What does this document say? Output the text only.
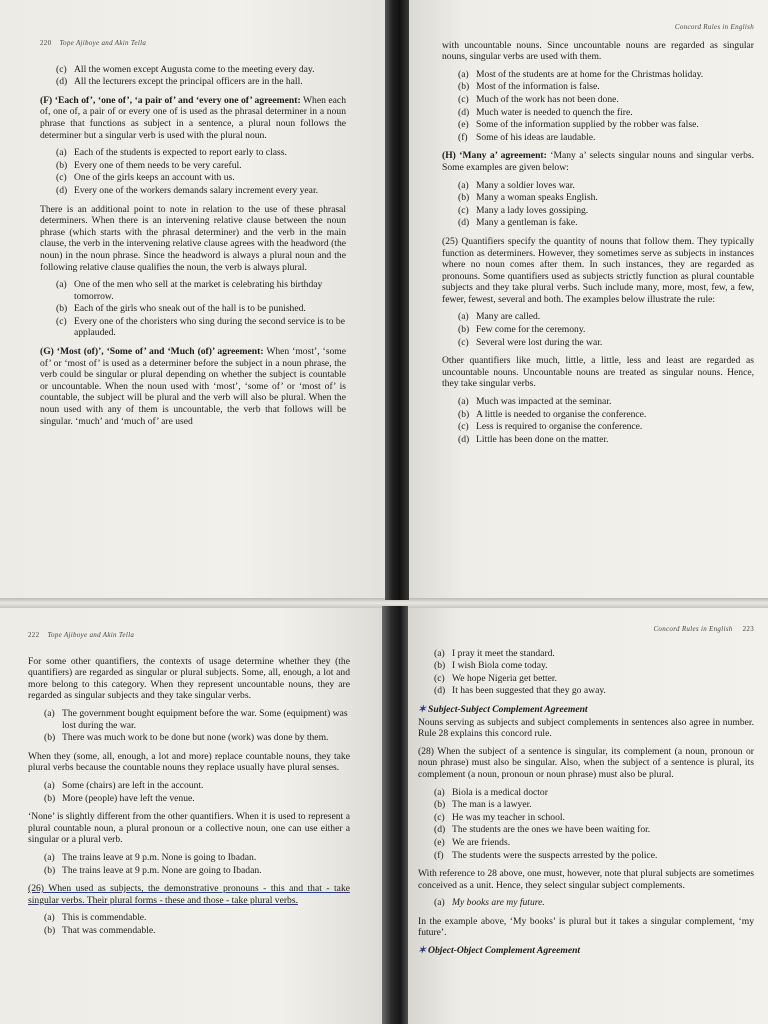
220 Tope Ajiboye and Akin Tella
(c) All the women except Augusta come to the meeting every day.
(d) All the lecturers except the principal officers are in the hall.

(F) ‘Each of’, ‘one of’, ‘a pair of’ and ‘every one of’ agreement: When each of, one of, a pair of or every one of is used as the phrasal determiner in a noun phrase that functions as subject in a sentence, a plural noun follows the determiner but a singular verb is used with the plural noun.

(a) Each of the students is expected to report early to class.
(b) Every one of them needs to be very careful.
(c) One of the girls keeps an account with us.
(d) Every one of the workers demands salary increment every year.

There is an additional point to note in relation to the use of these phrasal determiners. When there is an intervening relative clause between the noun phrase (which starts with the phrasal determiner) and the verb in the main clause, the verb in the intervening relative clause agrees with the headword (the noun) in the noun phrase. Since the headword is always a plural noun and the following relative clause qualifies the noun, the verb is always plural.

(a) One of the men who sell at the market is celebrating his birthday tomorrow.
(b) Each of the girls who sneak out of the hall is to be punished.
(c) Every one of the choristers who sing during the second service is to be applauded.

(G) ‘Most (of)’, ‘Some of’ and ‘Much (of)’ agreement: When ‘most’, ‘some of’ or ‘most of’ is used as a determiner before the subject in a noun phrase, the verb could be singular or plural depending on whether the subject is countable or uncountable. When the noun used with ‘most’, ‘some of’ or ‘most of’ is countable, the subject will be plural and the verb will also be plural. When the noun used with any of them is uncountable, the verb that follows will be singular. ‘much’ and ‘much of’ are used

Concord Rules in English

with uncountable nouns. Since uncountable nouns are regarded as singular nouns, singular verbs are used with them.

(a) Most of the students are at home for the Christmas holiday.
(b) Most of the information is false.
(c) Much of the work has not been done.
(d) Much water is needed to quench the fire.
(e) Some of the information supplied by the robber was false.
(f) Some of his ideas are laudable.

(H) ‘Many a’ agreement: ‘Many a’ selects singular nouns and singular verbs. Some examples are given below:

(a) Many a soldier loves war.
(b) Many a woman speaks English.
(c) Many a lady loves gossiping.
(d) Many a gentleman is fake.

(25) Quantifiers specify the quantity of nouns that follow them. They typically function as determiners. However, they sometimes serve as subjects in instances where no noun comes after them. In such instances, they are regarded as pronouns. Some quantifiers used as subjects strictly function as plural countable subjects and they take plural verbs. Such include many, more, most, few, a few, fewer, fewest, several and both. The examples below illustrate the rule:

(a) Many are called.
(b) Few come for the ceremony.
(c) Several were lost during the war.

Other quantifiers like much, little, a little, less and least are regarded as uncountable nouns. Uncountable nouns are treated as singular nouns. Hence, they take singular verbs.

(a) Much was impacted at the seminar.
(b) A little is needed to organise the conference.
(c) Less is required to organise the conference.
(d) Little has been done on the matter.
222 Tope Ajiboye and Akin Tella

For some other quantifiers, the contexts of usage determine whether they (the quantifiers) are regarded as singular or plural subjects. Some, all, enough, a lot and more belong to this category. When they represent uncountable nouns, they are regarded as singular subjects and they take singular verbs.

(a) The government bought equipment before the war. Some (equipment) was lost during the war.
(b) There was much work to be done but none (work) was done by them.

When they (some, all, enough, a lot and more) replace countable nouns, they take plural verbs because the countable nouns they replace usually have plural senses.

(a) Some (chairs) are left in the account.
(b) More (people) have left the venue.

‘None’ is slightly different from the other quantifiers. When it is used to represent a plural countable noun, a plural pronoun or a collective noun, one can use either a singular or a plural verb.

(a) The trains leave at 9 p.m. None is going to Ibadan.
(b) The trains leave at 9 p.m. None are going to Ibadan.

(26) When used as subjects, the demonstrative pronouns - this and that - take singular verbs. Their plural forms - these and those - take plural verbs.

(a) This is commendable.
(b) That was commendable.
Concord Rules in English 223
(a) I pray it meet the standard.
(b) I wish Biola come today.
(c) We hope Nigeria get better.
(d) It has been suggested that they go away.
✶ Subject-Subject Complement Agreement

Nouns serving as subjects and subject complements in sentences also agree in number. Rule 28 explains this concord rule.

(28) When the subject of a sentence is singular, its complement (a noun, pronoun or noun phrase) must also be singular. Also, when the subject of a sentence is plural, its complement (a noun, pronoun or noun phrase) must also be plural.

(a) Biola is a medical doctor
(b) The man is a lawyer.
(c) He was my teacher in school.
(d) The students are the ones we have been waiting for.
(e) We are friends.
(f) The students were the suspects arrested by the police.

With reference to 28 above, one must, however, note that plural subjects are sometimes conceived as a unit. Hence, they select singular subject complements.

(a) My books are my future.

In the example above, ‘My books’ is plural but it takes a singular complement, ‘my future’.

✶ Object-Object Complement Agreement
